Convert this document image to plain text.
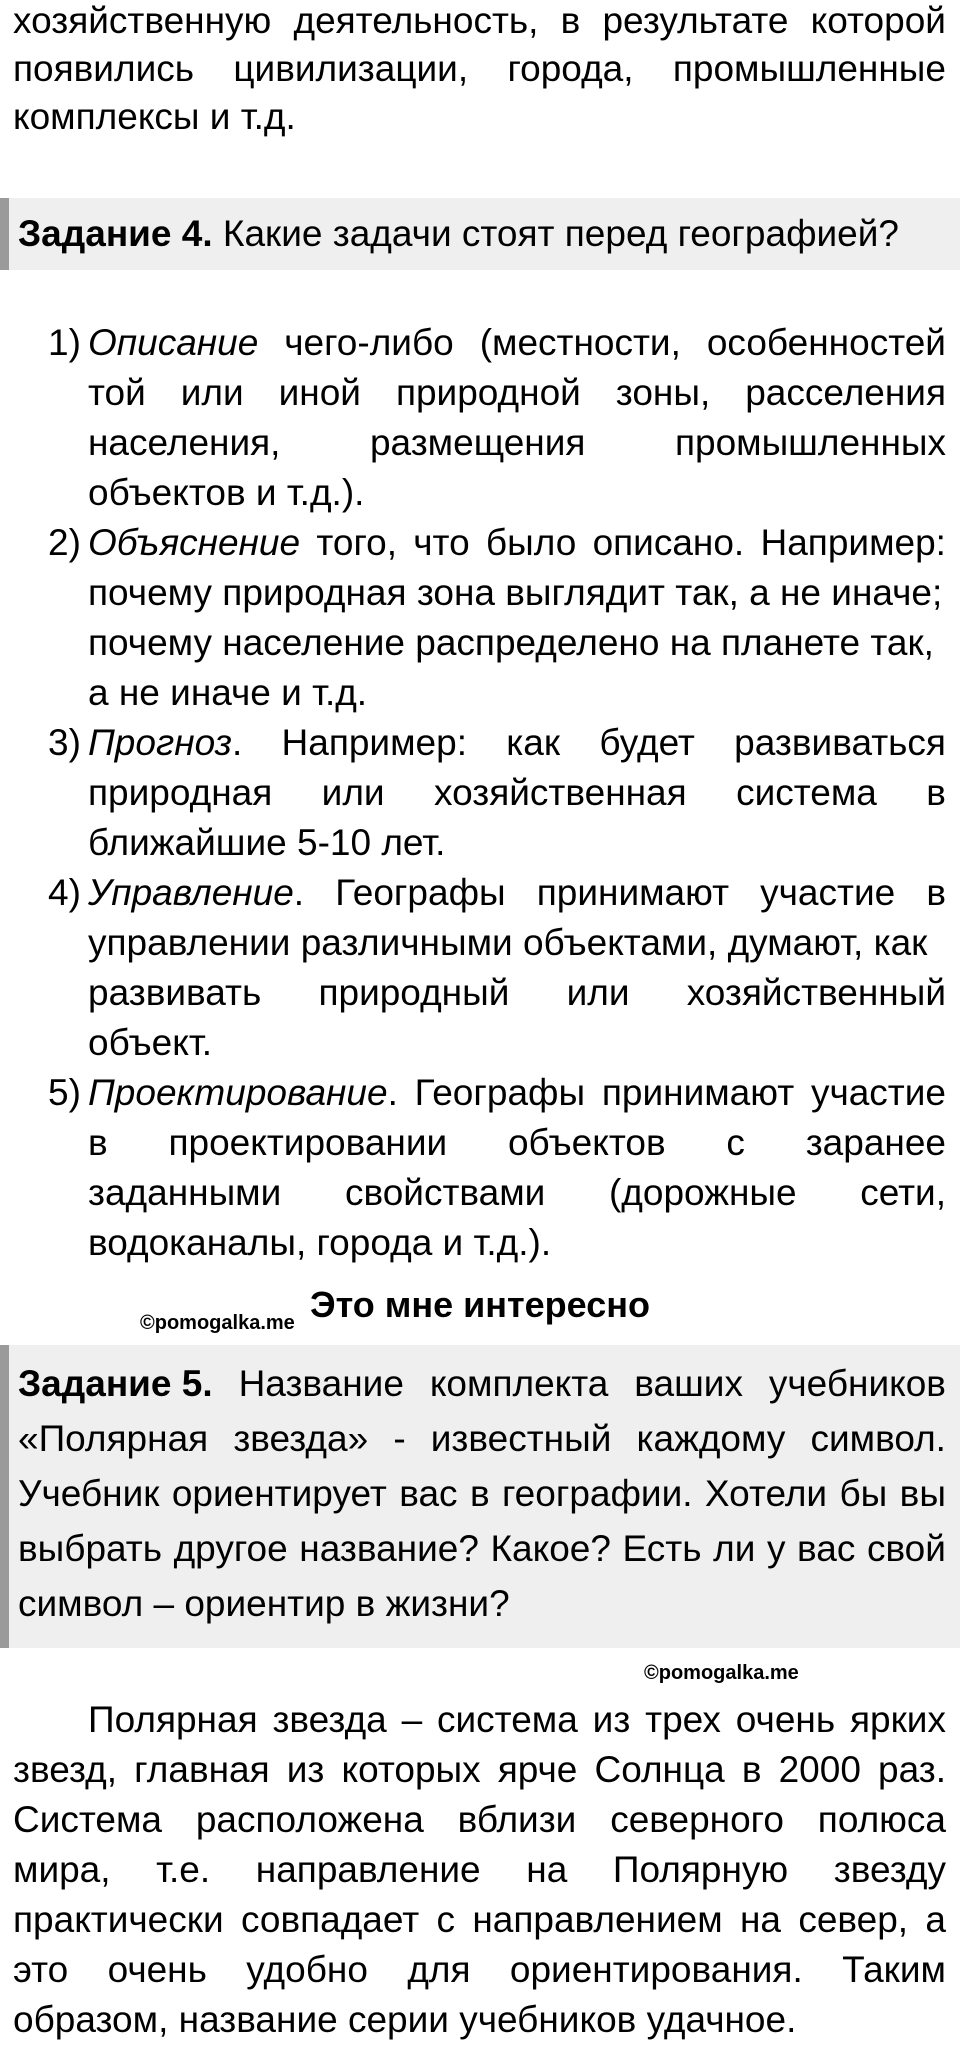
хозяйственную деятельность, в результате которой
появились цивилизации, города, промышленные
комплексы и т.д.
Задание 4. Какие задачи стоят перед географией?
1) Описание чего-либо (местности, особенностей
той или иной природной зоны, расселения
населения, размещения промышленных
объектов и т.д.).
2) Объяснение того, что было описано. Например:
почему природная зона выглядит так, а не иначе;
почему население распределено на планете так,
а не иначе и т.д.
3) Прогноз. Например: как будет развиваться
природная или хозяйственная система в
ближайшие 5-10 лет.
4) Управление. Географы принимают участие в
управлении различными объектами, думают, как
развивать природный или хозяйственный
объект.
5) Проектирование. Географы принимают участие
в проектировании объектов с заранее
заданными свойствами (дорожные сети,
водоканалы, города и т.д.).
Это мне интересно
©pomogalka.me
Задание 5. Название комплекта ваших учебников
«Полярная звезда» - известный каждому символ.
Учебник ориентирует вас в географии. Хотели бы вы
выбрать другое название? Какое? Есть ли у вас свой
символ – ориентир в жизни?
©pomogalka.me
Полярная звезда – система из трех очень ярких
звезд, главная из которых ярче Солнца в 2000 раз.
Система расположена вблизи северного полюса
мира, т.е. направление на Полярную звезду
практически совпадает с направлением на север, а
это очень удобно для ориентирования. Таким
образом, название серии учебников удачное.
